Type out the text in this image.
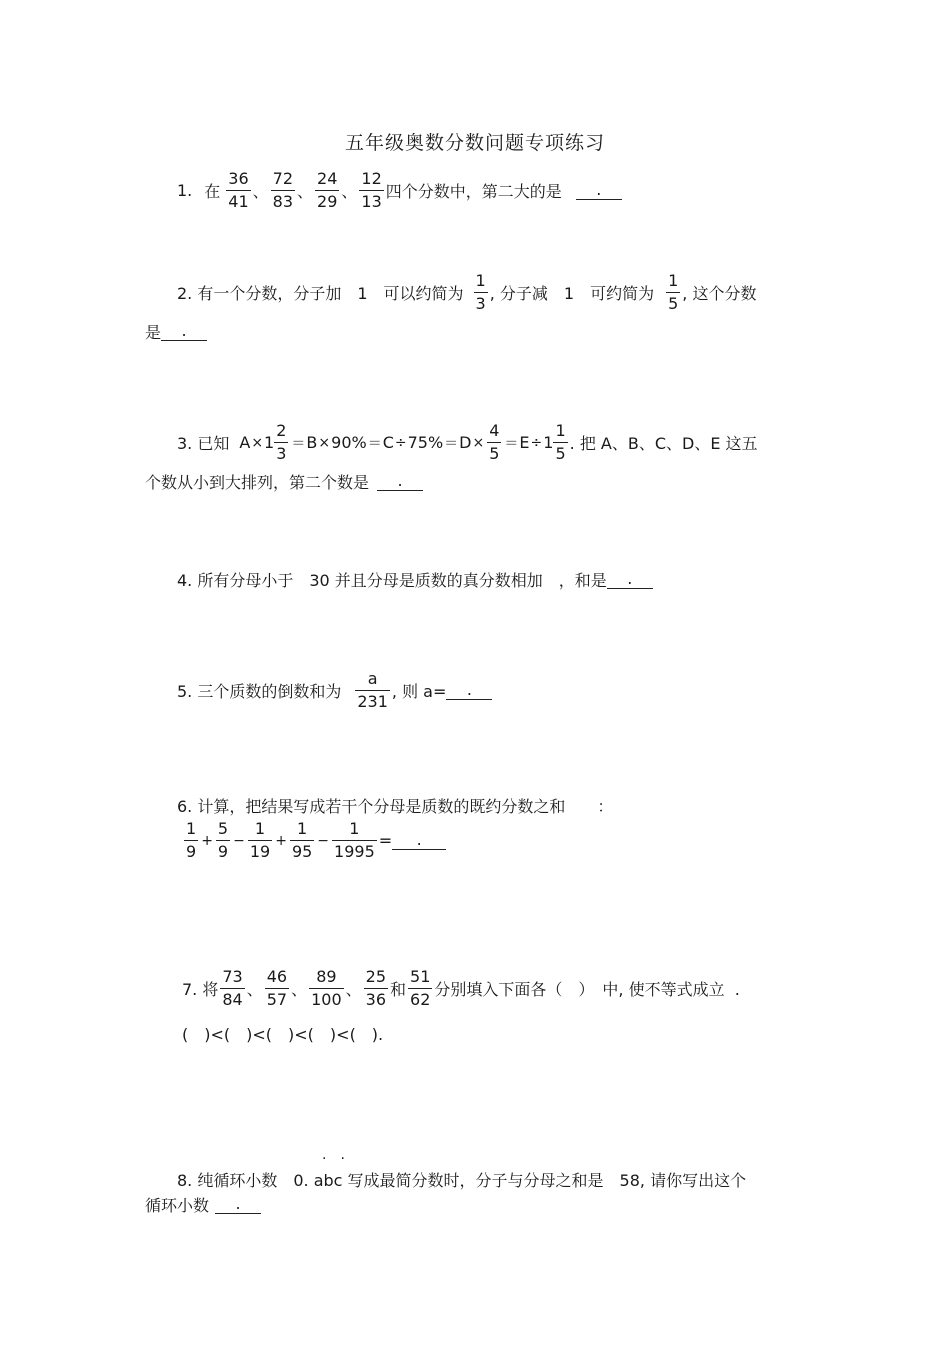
五年级奥数分数问题专项练习
1. 在 $\frac{36}{41}$ 、 $\frac{72}{83}$ 、 $\frac{24}{29}$ 、 $\frac{12}{13}$ 四个分数中，第二大的是	.
2. 有一个分数，分子加　1　可以约简为 $\frac{1}{3}$ , 分子减　1　可约简为 $\frac{1}{5}$ , 这个分数
是	.
3. 已知 $A \times 1 \frac{2}{3} = B \times 90\% = C \div 75\% = D \times \frac{4}{5} = E \div 1 \frac{1}{5}$ . 把 A、B、C、D、E 这五
个数从小到大排列，第二个数是	.
4. 所有分母小于　30 并且分母是质数的真分数相加　，和是	.
5. 三个质数的倒数和为 $\frac{a}{231}$ , 则 a=	.
6. 计算，把结果写成若干个分母是质数的既约分数之和　　：
$\frac{1}{9} + \frac{5}{9} - \frac{1}{19} + \frac{1}{95} - \frac{1}{1995}$ =	.
7. 将 $\frac{73}{84}$ 、 $\frac{46}{57}$ 、 $\frac{89}{100}$ 、 $\frac{25}{36}$ 和 $\frac{51}{62}$ 分别填入下面各（　）　中, 使不等式成立  .
(　)<(　)<(　)<(　)<(　).
.　.
8. 纯循环小数　0. abc 写成最简分数时，分子与分母之和是　58, 请你写出这个
循环小数	.
